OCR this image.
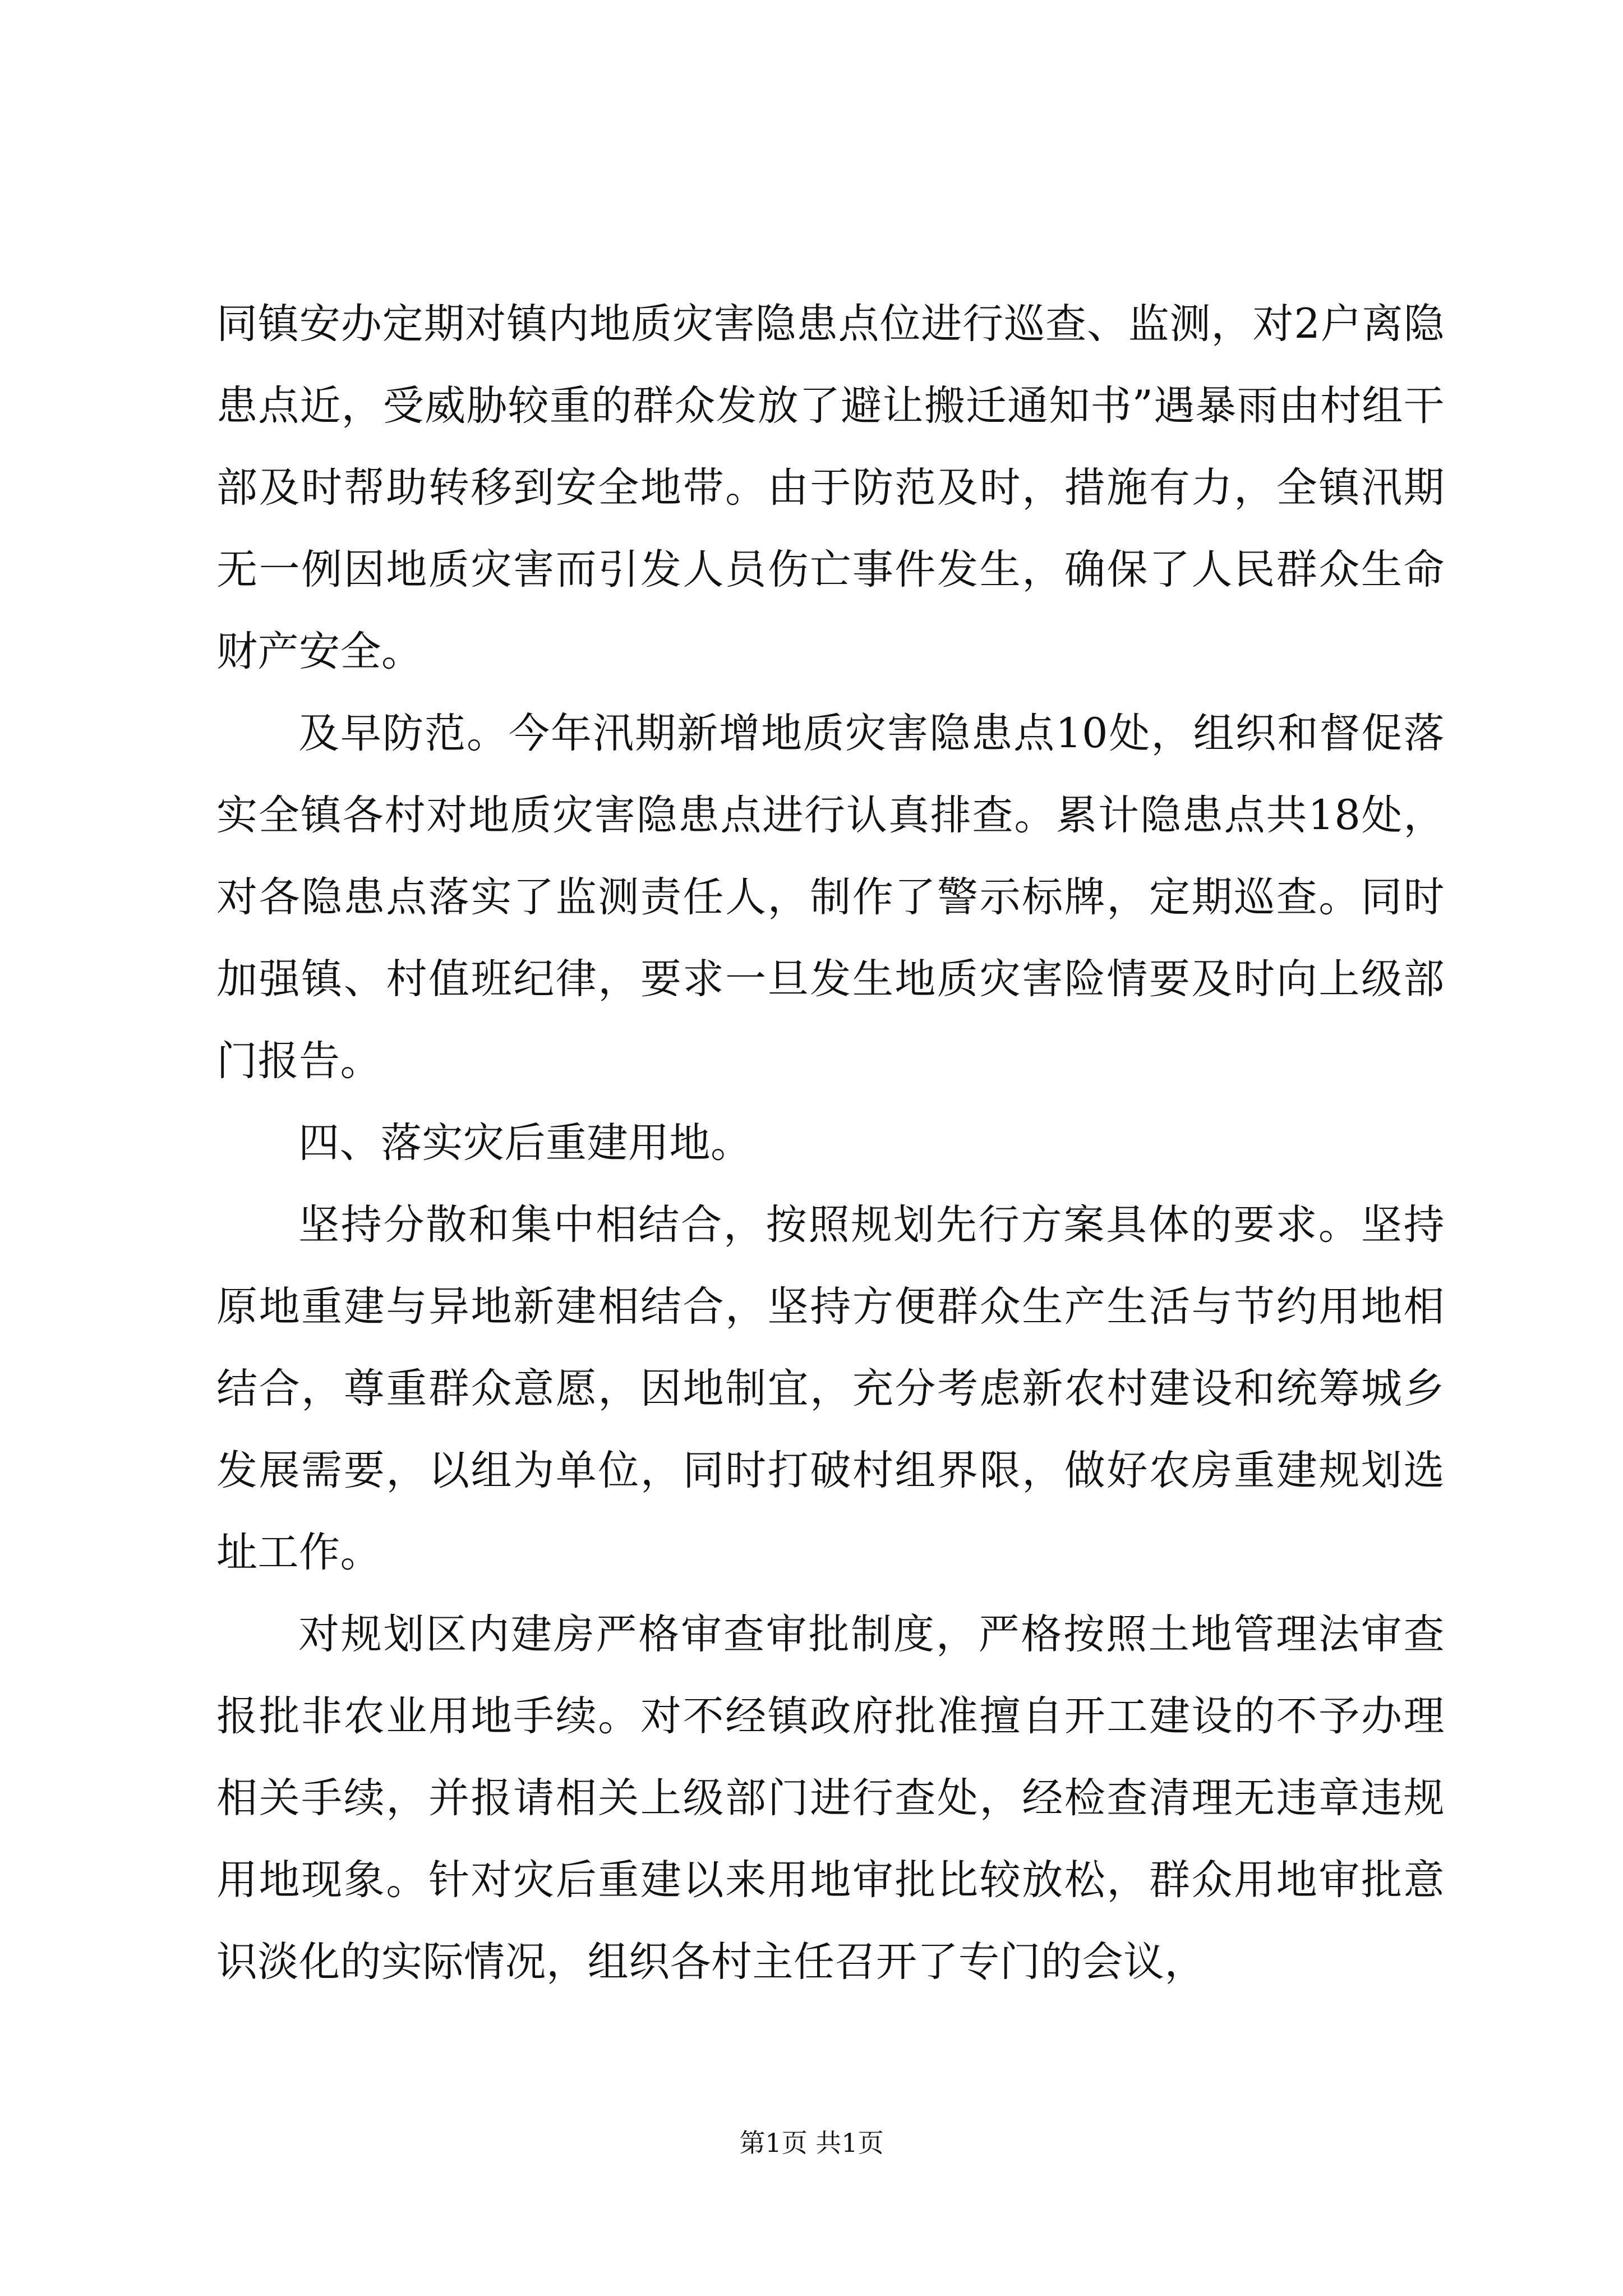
同镇安办定期对镇内地质灾害隐患点位进行巡查、监测，对2户离隐患点近，受威胁较重的群众发放了避让搬迁通知书”遇暴雨由村组干部及时帮助转移到安全地带。由于防范及时，措施有力，全镇汛期无一例因地质灾害而引发人员伤亡事件发生，确保了人民群众生命财产安全。

及早防范。今年汛期新增地质灾害隐患点10处，组织和督促落实全镇各村对地质灾害隐患点进行认真排查。累计隐患点共18处，对各隐患点落实了监测责任人，制作了警示标牌，定期巡查。同时加强镇、村值班纪律，要求一旦发生地质灾害险情要及时向上级部门报告。

四、落实灾后重建用地。

坚持分散和集中相结合，按照规划先行方案具体的要求。坚持原地重建与异地新建相结合，坚持方便群众生产生活与节约用地相结合，尊重群众意愿，因地制宜，充分考虑新农村建设和统筹城乡发展需要，以组为单位，同时打破村组界限，做好农房重建规划选址工作。

对规划区内建房严格审查审批制度，严格按照土地管理法审查报批非农业用地手续。对不经镇政府批准擅自开工建设的不予办理相关手续，并报请相关上级部门进行查处，经检查清理无违章违规用地现象。针对灾后重建以来用地审批比较放松，群众用地审批意识淡化的实际情况，组织各村主任召开了专门的会议，

第1页 共1页
